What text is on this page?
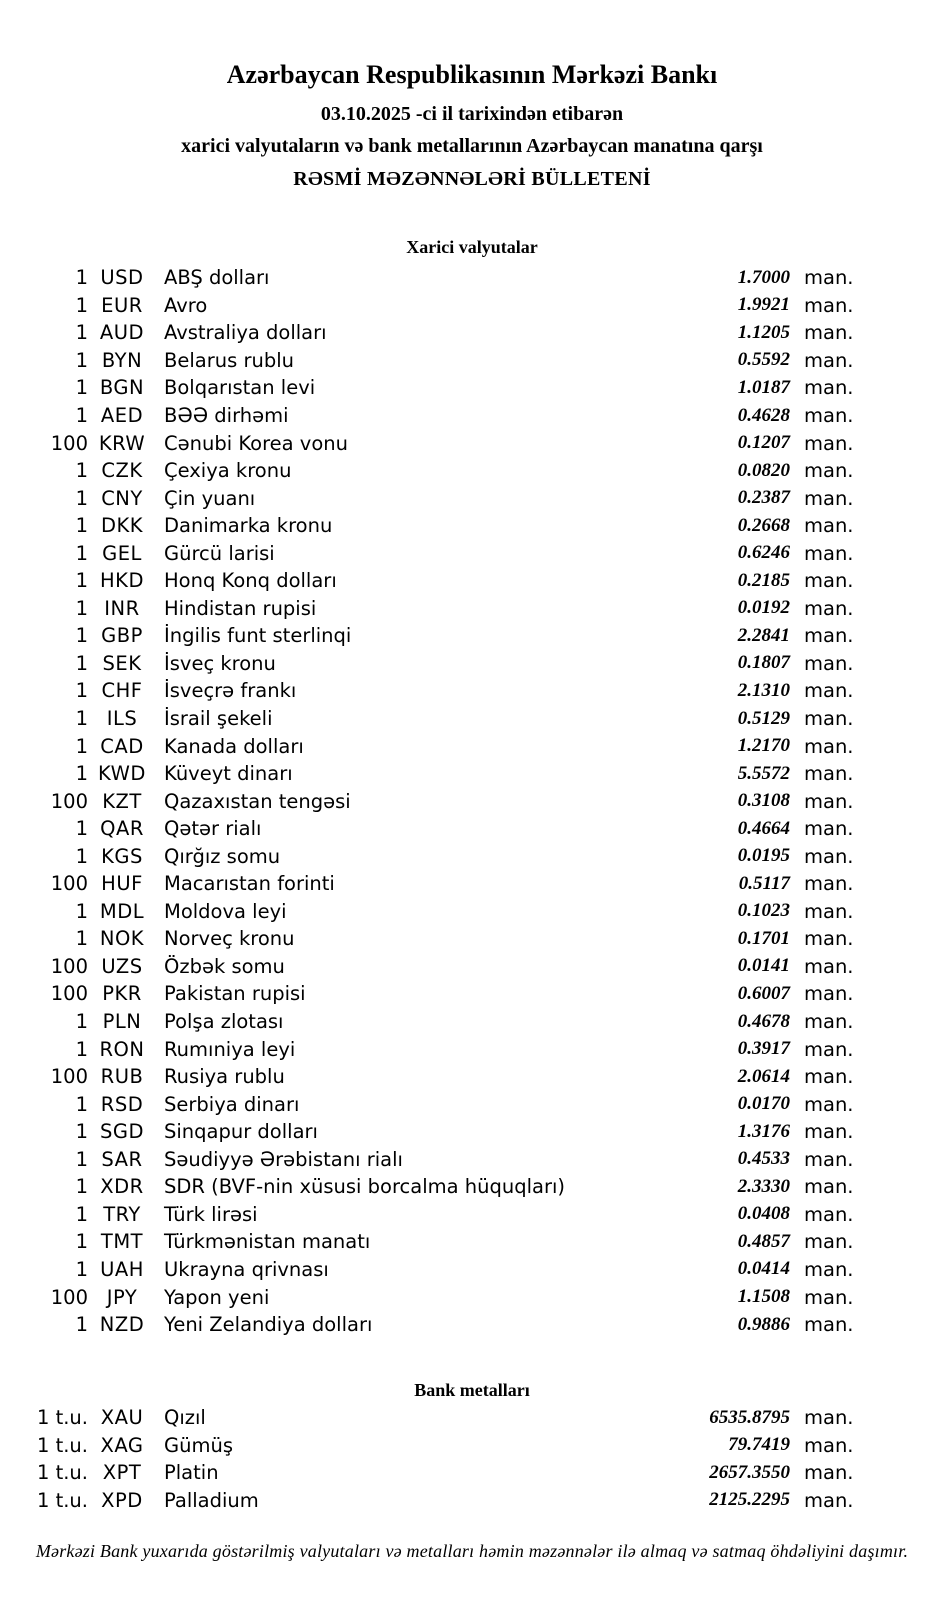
Azərbaycan Respublikasının Mərkəzi Bankı
03.10.2025 -ci il tarixindən etibarən
xarici valyutaların və bank metallarının Azərbaycan manatına qarşı
RƏSMİ MƏZƏNNƏLƏRİ BÜLLETENİ
Xarici valyutalar
1 USD	ABŞ dolları	1.7000 man.
1 EUR	Avro	1.9921 man.
1 AUD	Avstraliya dolları	1.1205 man.
1 BYN	Belarus rublu	0.5592 man.
1 BGN	Bolqarıstan levi	1.0187 man.
1 AED	BƏƏ dirhəmi	0.4628 man.
100 KRW Cənubi Korea vonu	0.1207 man.
1 CZK	Çexiya kronu	0.0820 man.
1 CNY	Çin yuanı	0.2387 man.
1 DKK	Danimarka kronu	0.2668 man.
1 GEL	Gürcü larisi	0.6246 man.
1 HKD	Honq Konq dolları	0.2185 man.
1 INR	Hindistan rupisi	0.0192 man.
1 GBP	İngilis funt sterlinqi	2.2841 man.
1 SEK	İsveç kronu	0.1807 man.
1 CHF	İsveçrə frankı	2.1310 man.
1 ILS	İsrail şekeli	0.5129 man.
1 CAD	Kanada dolları	1.2170 man.
1 KWD Küveyt dinarı	5.5572 man.
100 KZT	Qazaxıstan tengəsi	0.3108 man.
1 QAR	Qətər rialı	0.4664 man.
1 KGS	Qırğız somu	0.0195 man.
100 HUF	Macarıstan forinti	0.5117 man.
1 MDL	Moldova leyi	0.1023 man.
1 NOK	Norveç kronu	0.1701 man.
100 UZS	Özbək somu	0.0141 man.
100 PKR	Pakistan rupisi	0.6007 man.
1 PLN	Polşa zlotası	0.4678 man.
1 RON	Rumıniya leyi	0.3917 man.
100 RUB	Rusiya rublu	2.0614 man.
1 RSD	Serbiya dinarı	0.0170 man.
1 SGD	Sinqapur dolları	1.3176 man.
1 SAR	Səudiyyə Ərəbistanı rialı	0.4533 man.
1 XDR	SDR (BVF-nin xüsusi borcalma hüquqları)	2.3330 man.
1 TRY	Türk lirəsi	0.0408 man.
1 TMT	Türkmənistan manatı	0.4857 man.
1 UAH	Ukrayna qrivnası	0.0414 man.
100 JPY	Yapon yeni	1.1508 man.
1 NZD	Yeni Zelandiya dolları	0.9886 man.
Bank metalları
1 t.u. XAU	Qızıl	6535.8795 man.
1 t.u. XAG	Gümüş	79.7419 man.
1 t.u. XPT	Platin	2657.3550 man.
1 t.u. XPD	Palladium	2125.2295 man.
Mərkəzi Bank yuxarıda göstərilmiş valyutaları və metalları həmin məzənnələr ilə almaq və satmaq öhdəliyini daşımır.
